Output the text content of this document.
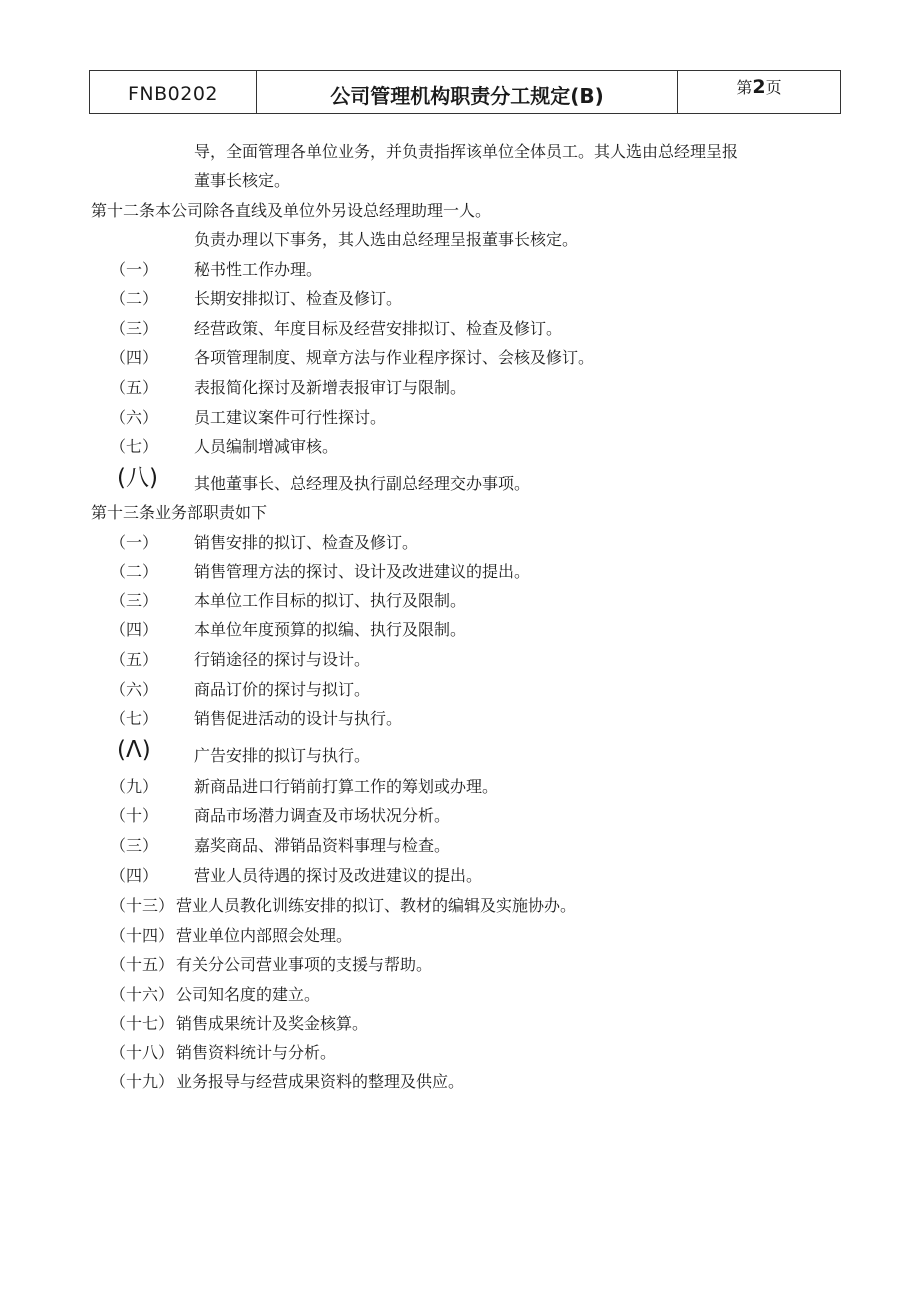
FNB0202	公司管理机构职责分工规定(B)	第2页
导，全面管理各单位业务，并负责指挥该单位全体员工。其人选由总经理呈报
董事长核定。
第十二条本公司除各直线及单位外另设总经理助理一人。
负责办理以下事务，其人选由总经理呈报董事长核定。
（一） 秘书性工作办理。
（二） 长期安排拟订、检查及修订。
（三） 经营政策、年度目标及经营安排拟订、检查及修订。
（四） 各项管理制度、规章方法与作业程序探讨、会核及修订。
（五） 表报简化探讨及新增表报审订与限制。
（六） 员工建议案件可行性探讨。
（七） 人员编制增减审核。
(八) 其他董事长、总经理及执行副总经理交办事项。
第十三条业务部职责如下
（一） 销售安排的拟订、检查及修订。
（二） 销售管理方法的探讨、设计及改进建议的提出。
（三） 本单位工作目标的拟订、执行及限制。
（四） 本单位年度预算的拟编、执行及限制。
（五） 行销途径的探讨与设计。
（六） 商品订价的探讨与拟订。
（七） 销售促进活动的设计与执行。
(Λ)	广告安排的拟订与执行。
（九） 新商品进口行销前打算工作的筹划或办理。
（十） 商品市场潜力调查及市场状况分析。
（三） 嘉奖商品、滞销品资料事理与检查。
（四） 营业人员待遇的探讨及改进建议的提出。
（十三） 营业人员教化训练安排的拟订、教材的编辑及实施协办。
（十四） 营业单位内部照会处理。
（十五） 有关分公司营业事项的支援与帮助。
（十六） 公司知名度的建立。
（十七） 销售成果统计及奖金核算。
（十八） 销售资料统计与分析。
（十九） 业务报导与经营成果资料的整理及供应。
